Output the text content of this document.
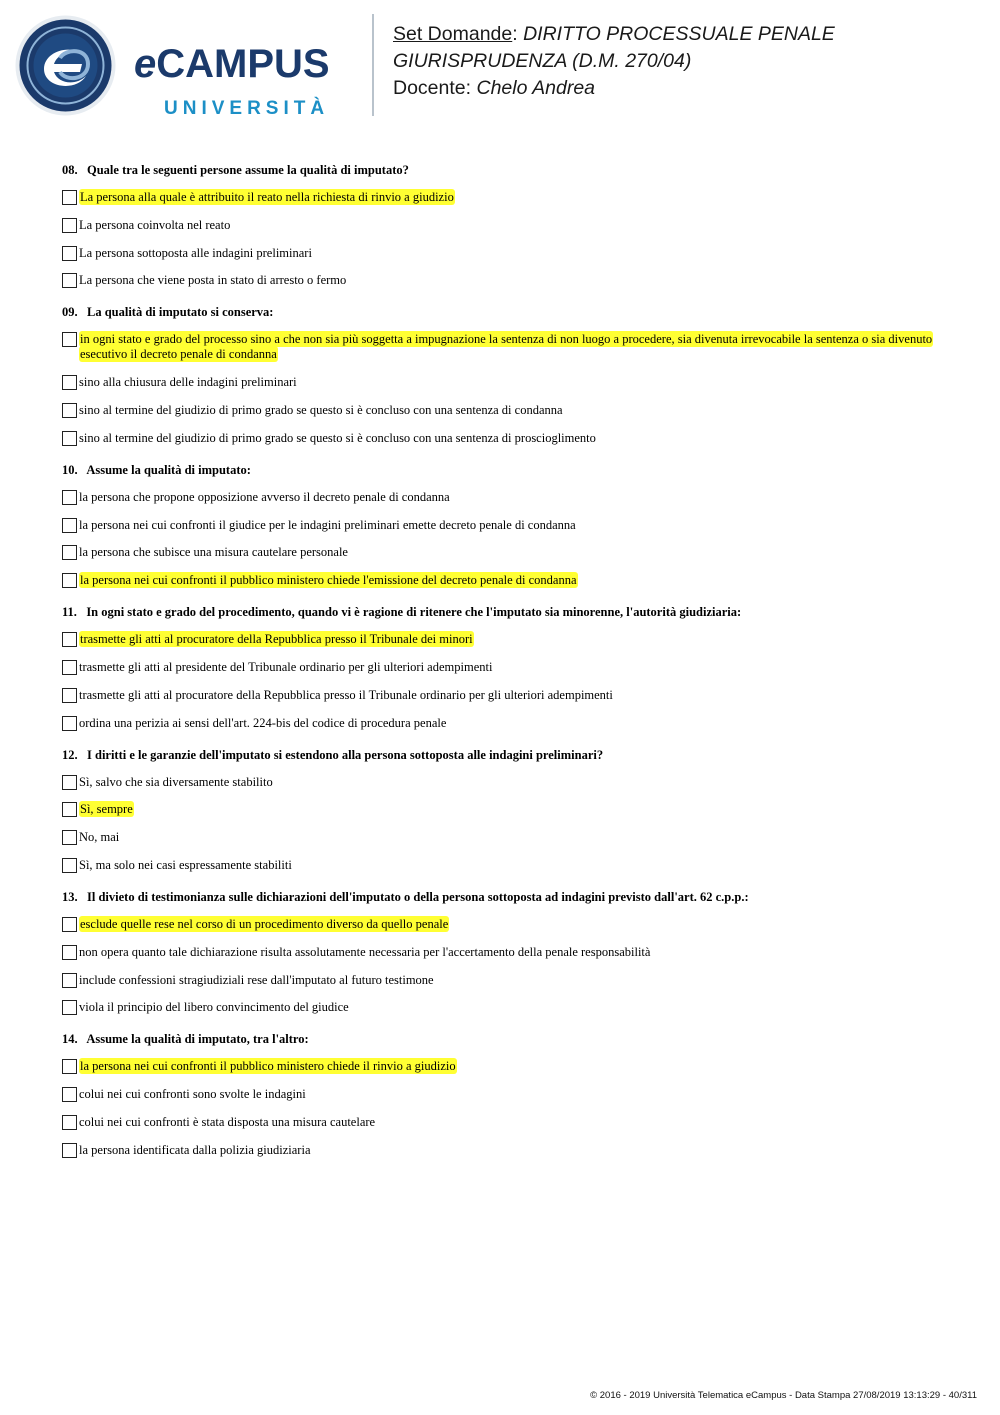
eCAMPUS
UNIVERSITÀ
Set Domande: DIRITTO PROCESSUALE PENALE
GIURISPRUDENZA (D.M. 270/04)
Docente: Chelo Andrea
08. Quale tra le seguenti persone assume la qualità di imputato?
La persona alla quale è attribuito il reato nella richiesta di rinvio a giudizio
La persona coinvolta nel reato
La persona sottoposta alle indagini preliminari
La persona che viene posta in stato di arresto o fermo
09. La qualità di imputato si conserva:
in ogni stato e grado del processo sino a che non sia più soggetta a impugnazione la sentenza di non luogo a procedere, sia divenuta irrevocabile la sentenza o sia divenuto esecutivo il decreto penale di condanna
sino alla chiusura delle indagini preliminari
sino al termine del giudizio di primo grado se questo si è concluso con una sentenza di condanna
sino al termine del giudizio di primo grado se questo si è concluso con una sentenza di proscioglimento
10. Assume la qualità di imputato:
la persona che propone opposizione avverso il decreto penale di condanna
la persona nei cui confronti il giudice per le indagini preliminari emette decreto penale di condanna
la persona che subisce una misura cautelare personale
la persona nei cui confronti il pubblico ministero chiede l'emissione del decreto penale di condanna
11. In ogni stato e grado del procedimento, quando vi è ragione di ritenere che l'imputato sia minorenne, l'autorità giudiziaria:
trasmette gli atti al procuratore della Repubblica presso il Tribunale dei minori
trasmette gli atti al presidente del Tribunale ordinario per gli ulteriori adempimenti
trasmette gli atti al procuratore della Repubblica presso il Tribunale ordinario per gli ulteriori adempimenti
ordina una perizia ai sensi dell'art. 224-bis del codice di procedura penale
12. I diritti e le garanzie dell'imputato si estendono alla persona sottoposta alle indagini preliminari?
Sì, salvo che sia diversamente stabilito
Sì, sempre
No, mai
Sì, ma solo nei casi espressamente stabiliti
13. Il divieto di testimonianza sulle dichiarazioni dell'imputato o della persona sottoposta ad indagini previsto dall'art. 62 c.p.p.:
esclude quelle rese nel corso di un procedimento diverso da quello penale
non opera quanto tale dichiarazione risulta assolutamente necessaria per l'accertamento della penale responsabilità
include confessioni stragiudiziali rese dall'imputato al futuro testimone
viola il principio del libero convincimento del giudice
14. Assume la qualità di imputato, tra l'altro:
la persona nei cui confronti il pubblico ministero chiede il rinvio a giudizio
colui nei cui confronti sono svolte le indagini
colui nei cui confronti è stata disposta una misura cautelare
la persona identificata dalla polizia giudiziaria
© 2016 - 2019 Università Telematica eCampus - Data Stampa 27/08/2019 13:13:29 - 40/311
